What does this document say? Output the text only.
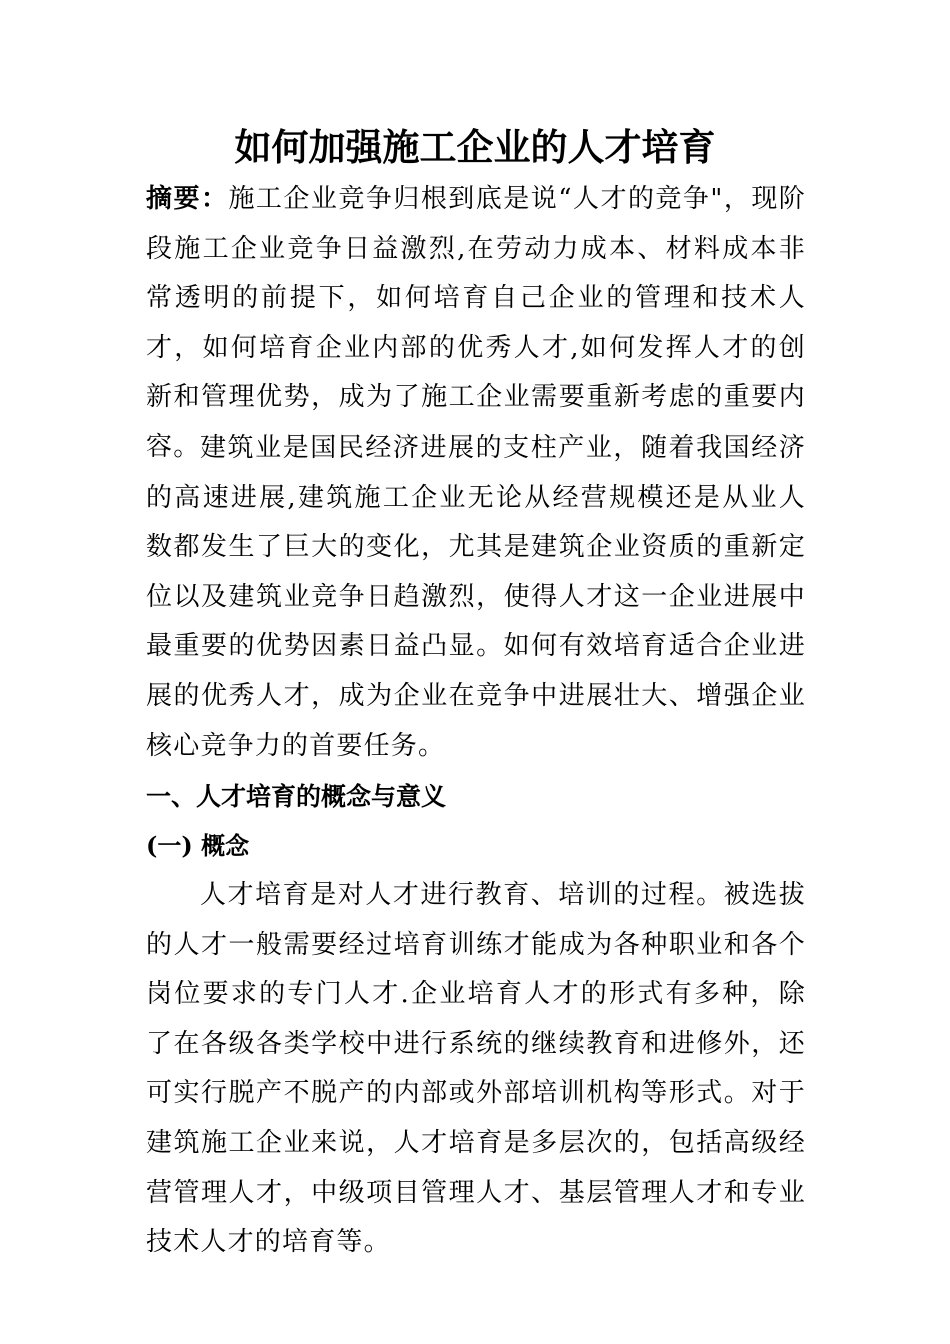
如何加强施工企业的人才培育

摘要：施工企业竞争归根到底是说“人才的竞争"，现阶段施工企业竞争日益激烈,在劳动力成本、材料成本非常透明的前提下，如何培育自己企业的管理和技术人才，如何培育企业内部的优秀人才,如何发挥人才的创新和管理优势，成为了施工企业需要重新考虑的重要内容。 建筑业是国民经济进展的支柱产业，随着我国经济的高速进展,建筑施工企业无论从经营规模还是从业人数都发生了巨大的变化，尤其是建筑企业资质的重新定位以及建筑业竞争日趋激烈，使得人才这一企业进展中最重要的优势因素日益凸显。如何有效培育适合企业进展的优秀人才，成为企业在竞争中进展壮大、增强企业核心竞争力的首要任务。

一、人才培育的概念与意义
(一) 概念

人才培育是对人才进行教育、培训的过程。被选拔的人才一般需要经过培育训练才能成为各种职业和各个岗位要求的专门人才.企业培育人才的形式有多种，除了在各级各类学校中进行系统的继续教育和进修外，还可实行脱产不脱产的内部或外部培训机构等形式。对于建筑施工企业来说，人才培育是多层次的，包括高级经营管理人才，中级项目管理人才、基层管理人才和专业技术人才的培育等。
